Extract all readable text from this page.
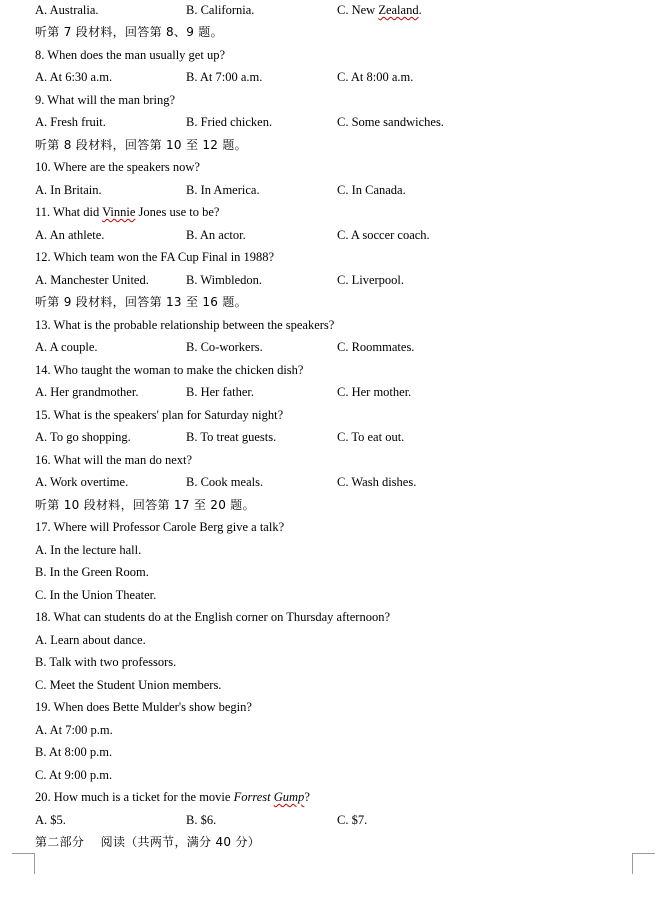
A. Australia.	B. California.	C. New Zealand.
听第 7 段材料，回答第 8、9 题。
8. When does the man usually get up?
A. At 6:30 a.m.	B. At 7:00 a.m.	C. At 8:00 a.m.
9. What will the man bring?
A. Fresh fruit.	B. Fried chicken.	C. Some sandwiches.
听第 8 段材料，回答第 10 至 12 题。
10. Where are the speakers now?
A. In Britain.	B. In America.	C. In Canada.
11. What did Vinnie Jones use to be?
A. An athlete.	B. An actor.	C. A soccer coach.
12. Which team won the FA Cup Final in 1988?
A. Manchester United.	B. Wimbledon.	C. Liverpool.
听第 9 段材料，回答第 13 至 16 题。
13. What is the probable relationship between the speakers?
A. A couple.	B. Co-workers.	C. Roommates.
14. Who taught the woman to make the chicken dish?
A. Her grandmother.	B. Her father.	C. Her mother.
15. What is the speakers' plan for Saturday night?
A. To go shopping.	B. To treat guests.	C. To eat out.
16. What will the man do next?
A. Work overtime.	B. Cook meals.	C. Wash dishes.
听第 10 段材料，回答第 17 至 20 题。
17. Where will Professor Carole Berg give a talk?
A. In the lecture hall.
B. In the Green Room.
C. In the Union Theater.
18. What can students do at the English corner on Thursday afternoon?
A. Learn about dance.
B. Talk with two professors.
C. Meet the Student Union members.
19. When does Bette Mulder's show begin?
A. At 7:00 p.m.
B. At 8:00 p.m.
C. At 9:00 p.m.
20. How much is a ticket for the movie Forrest Gump?
A. $5.	B. $6.	C. $7.
第二部分    阅读（共两节，满分 40 分）
